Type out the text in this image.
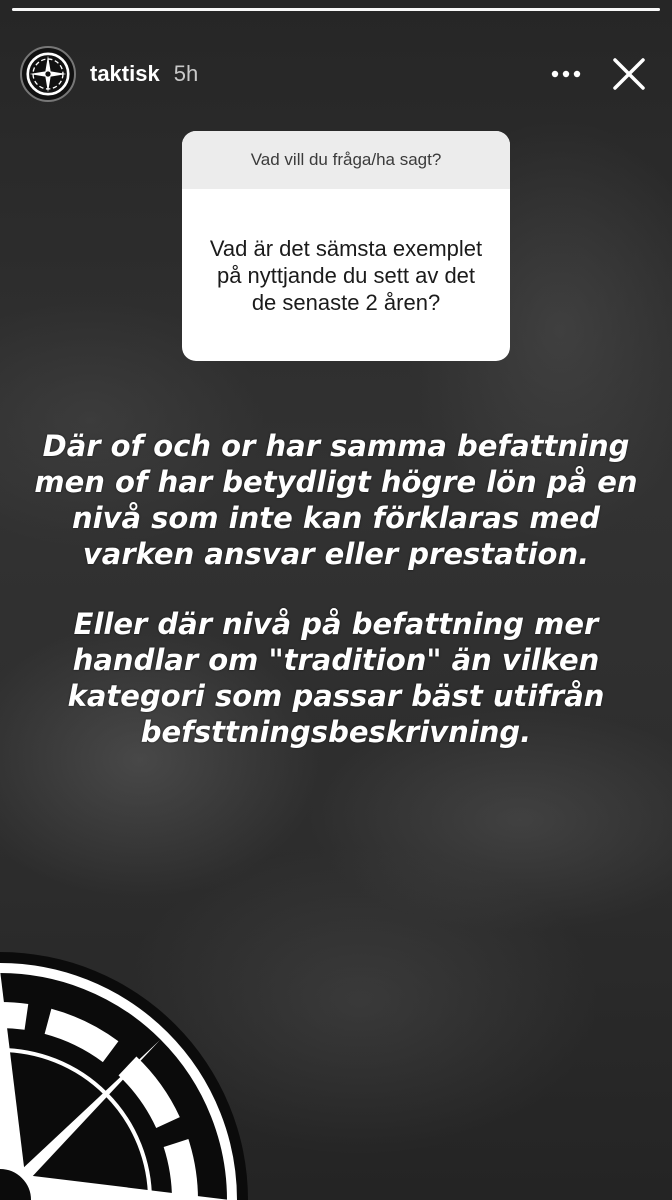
taktisk 5h
Vad vill du fråga/ha sagt?
Vad är det sämsta exemplet på nyttjande du sett av det de senaste 2 åren?

Där of och or har samma befattning men of har betydligt högre lön på en nivå som inte kan förklaras med varken ansvar eller prestation.

Eller där nivå på befattning mer handlar om "tradition" än vilken kategori som passar bäst utifrån befsttningsbeskrivning.
